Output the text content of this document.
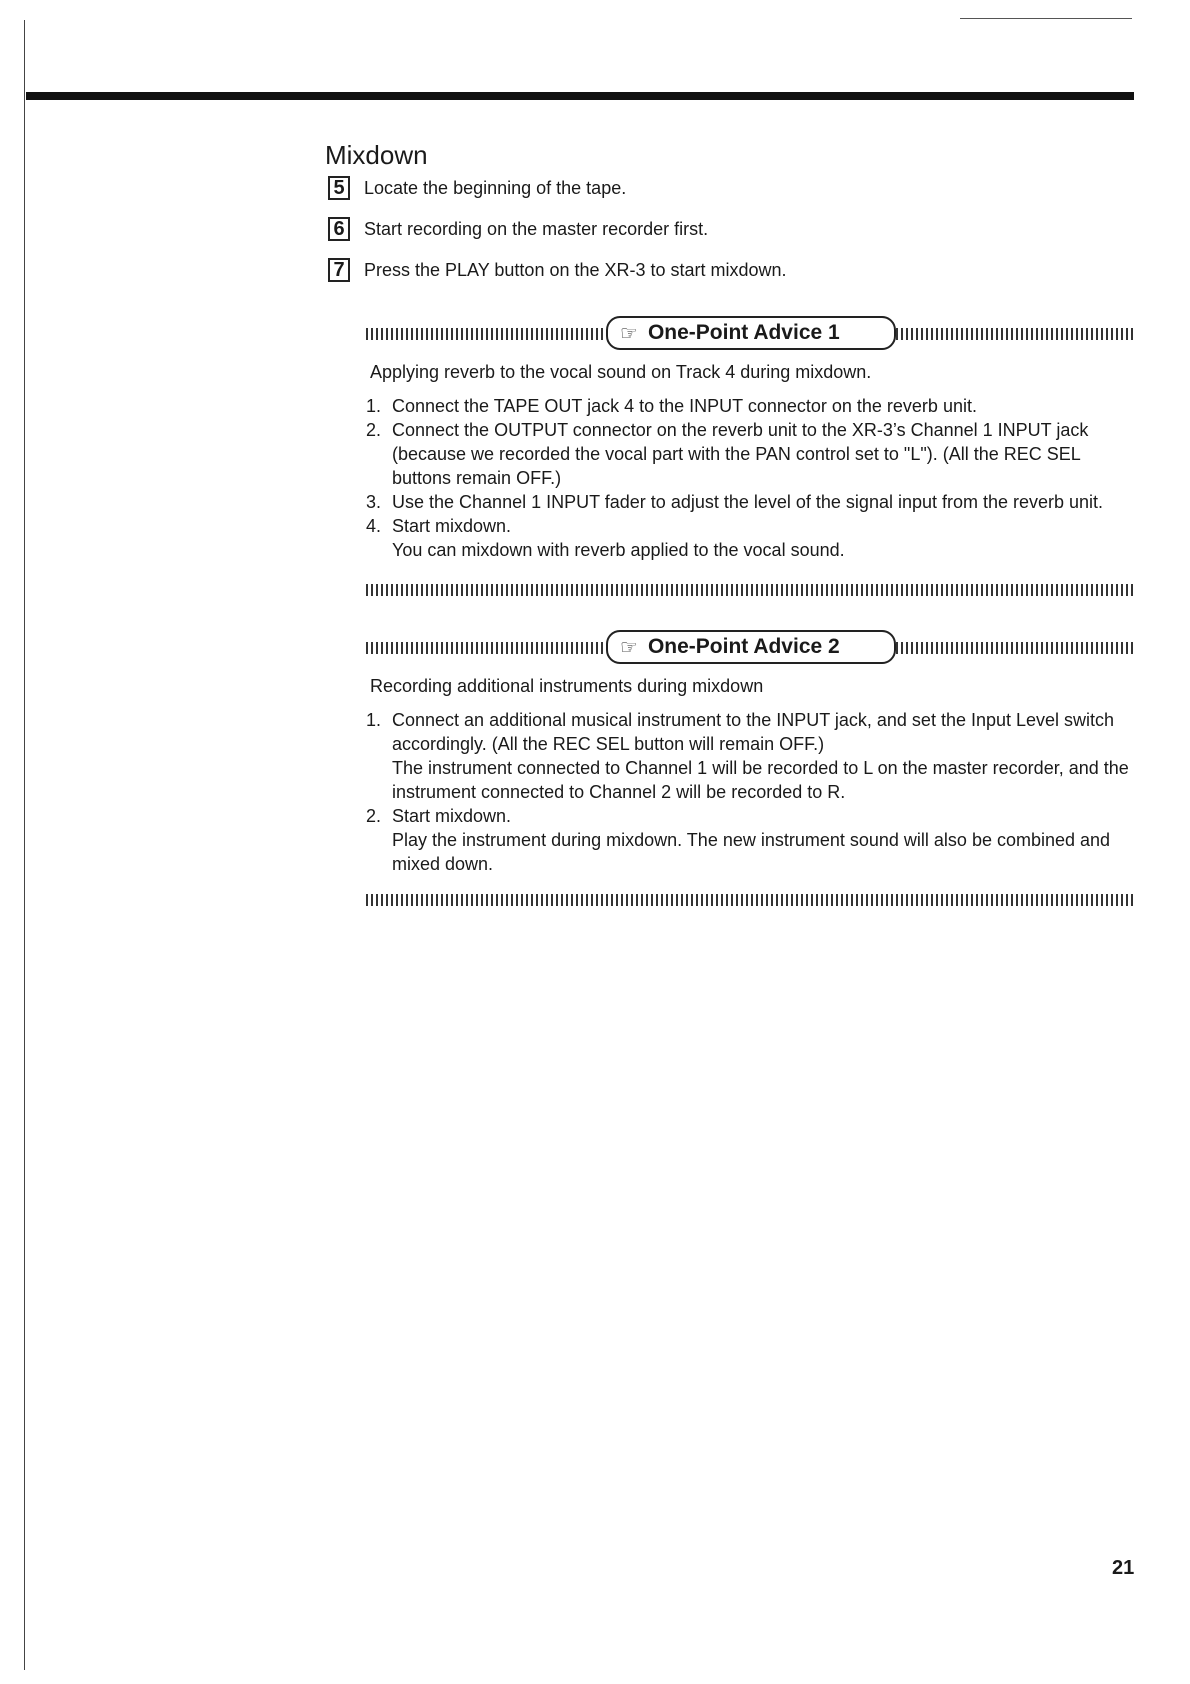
Mixdown
5	Locate the beginning of the tape.
6	Start recording on the master recorder first.
7	Press the PLAY button on the XR-3 to start mixdown.
☞ One-Point Advice 1
Applying reverb to the vocal sound on Track 4 during mixdown.
1. Connect the TAPE OUT jack 4 to the INPUT connector on the reverb unit.
2. Connect the OUTPUT connector on the reverb unit to the XR-3’s Channel 1 INPUT jack (because we recorded the vocal part with the PAN control set to "L"). (All the REC SEL buttons remain OFF.)
3. Use the Channel 1 INPUT fader to adjust the level of the signal input from the reverb unit.
4. Start mixdown.
You can mixdown with reverb applied to the vocal sound.
☞ One-Point Advice 2
Recording additional instruments during mixdown
1. Connect an additional musical instrument to the INPUT jack, and set the Input Level switch accordingly. (All the REC SEL button will remain OFF.)
The instrument connected to Channel 1 will be recorded to L on the master recorder, and the instrument connected to Channel 2 will be recorded to R.
2. Start mixdown.
Play the instrument during mixdown. The new instrument sound will also be combined and mixed down.
21
